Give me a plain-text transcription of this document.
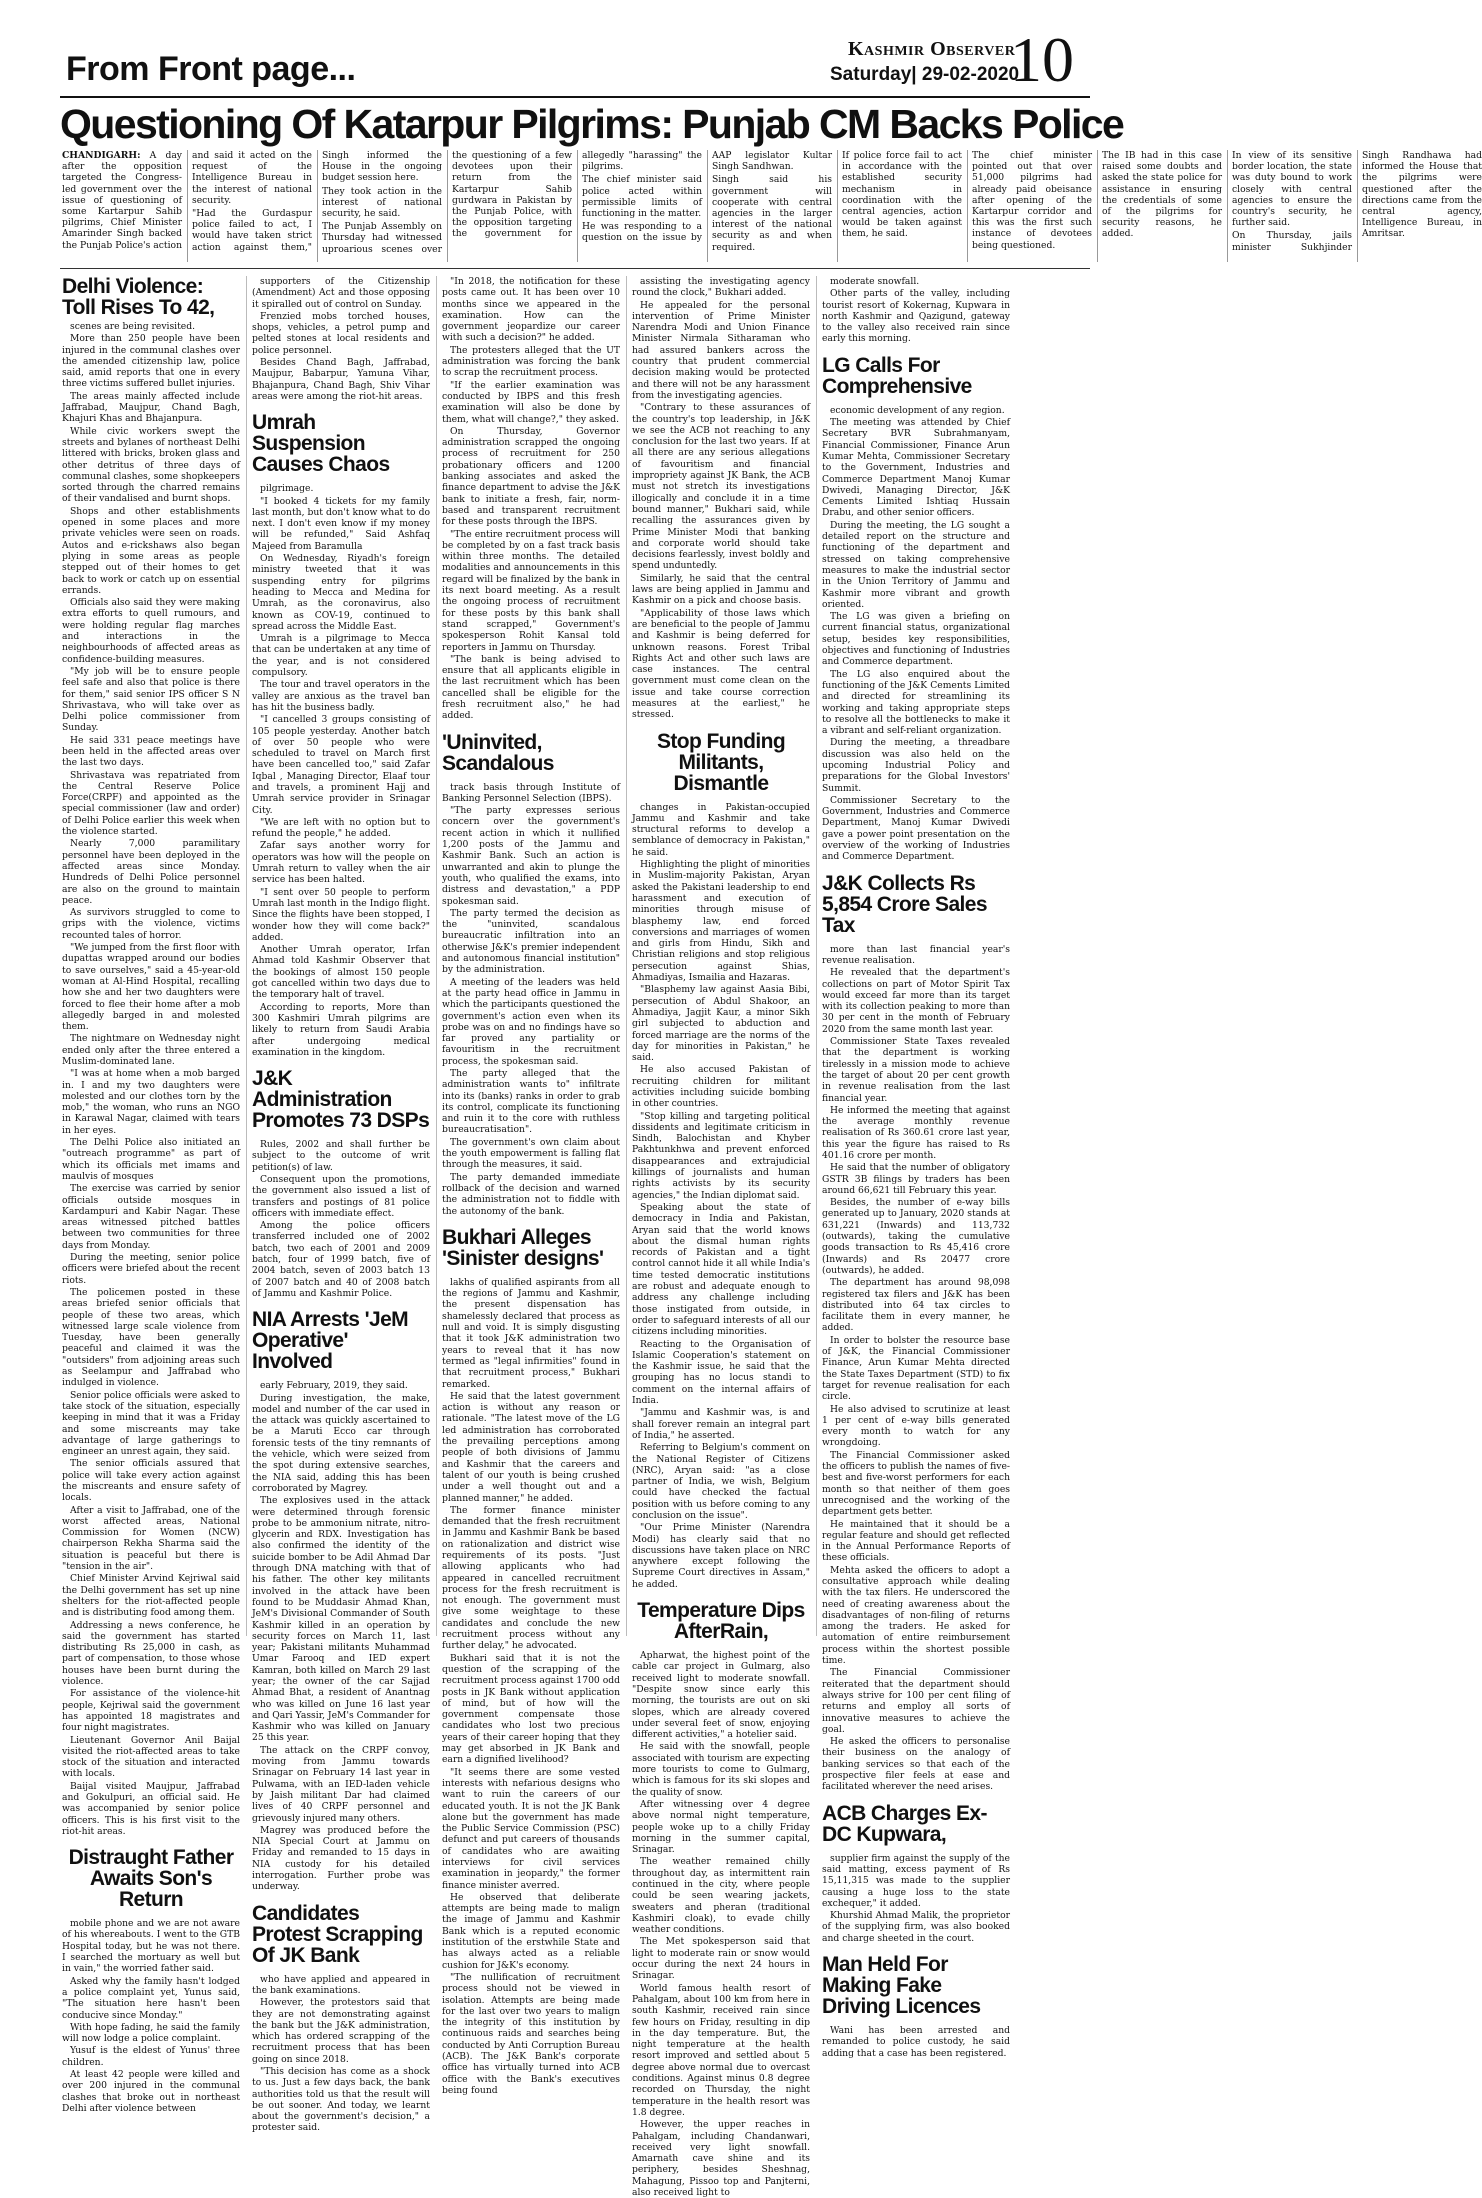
From Front page...
Kashmir Observer
Saturday| 29-02-2020
10
Questioning Of Katarpur Pilgrims: Punjab CM Backs Police

CHANDIGARH: A day after the opposition targeted the Congress-led government over the issue of questioning of some Kartarpur Sahib pilgrims, Chief Minister Amarinder Singh backed the Punjab Police's action and said it acted on the request of the Intelligence Bureau in the interest of national security.

"Had the Gurdaspur police failed to act, I would have taken strict action against them," Singh informed the House in the ongoing budget session here.

They took action in the interest of national security, he said.

The Punjab Assembly on Thursday had witnessed uproarious scenes over the questioning of a few devotees upon their return from the Kartarpur Sahib gurdwara in Pakistan by the Punjab Police, with the opposition targeting the government for allegedly "harassing" the pilgrims.

The chief minister said police acted within permissible limits of functioning in the matter.

He was responding to a question on the issue by AAP legislator Kultar Singh Sandhwan.

Singh said his government will cooperate with central agencies in the larger interest of the national security as and when required.

If police force fail to act in accordance with the established security mechanism in coordination with the central agencies, action would be taken against them, he said.

The chief minister pointed out that over 51,000 pilgrims had already paid obeisance after opening of the Kartarpur corridor and this was the first such instance of devotees being questioned.

The IB had in this case raised some doubts and asked the state police for assistance in ensuring the credentials of some of the pilgrims for security reasons, he added.

In view of its sensitive border location, the state was duty bound to work closely with central agencies to ensure the country's security, he further said.

On Thursday, jails minister Sukhjinder Singh Randhawa had informed the House that the pilgrims were questioned after the directions came from the central agency, Intelligence Bureau, in Amritsar.

Delhi Violence: Toll Rises To 42,

scenes are being revisited.

More than 250 people have been injured in the communal clashes over the amended citizenship law, police said, amid reports that one in every three victims suffered bullet injuries.

The areas mainly affected include Jaffrabad, Maujpur, Chand Bagh, Khajuri Khas and Bhajanpura.

While civic workers swept the streets and bylanes of northeast Delhi littered with bricks, broken glass and other detritus of three days of communal clashes, some shopkeepers sorted through the charred remains of their vandalised and burnt shops.

Shops and other establishments opened in some places and more private vehicles were seen on roads. Autos and e-rickshaws also began plying in some areas as people stepped out of their homes to get back to work or catch up on essential errands.

Officials also said they were making extra efforts to quell rumours, and were holding regular flag marches and interactions in the neighbourhoods of affected areas as confidence-building measures.

"My job will be to ensure people feel safe and also that police is there for them," said senior IPS officer S N Shrivastava, who will take over as Delhi police commissioner from Sunday.

He said 331 peace meetings have been held in the affected areas over the last two days.

Shrivastava was repatriated from the Central Reserve Police Force(CRPF) and appointed as the special commissioner (law and order) of Delhi Police earlier this week when the violence started.

Nearly 7,000 paramilitary personnel have been deployed in the affected areas since Monday. Hundreds of Delhi Police personnel are also on the ground to maintain peace.

As survivors struggled to come to grips with the violence, victims recounted tales of horror.

"We jumped from the first floor with dupattas wrapped around our bodies to save ourselves," said a 45-year-old woman at Al-Hind Hospital, recalling how she and her two daughters were forced to flee their home after a mob allegedly barged in and molested them.

The nightmare on Wednesday night ended only after the three entered a Muslim-dominated lane.

"I was at home when a mob barged in. I and my two daughters were molested and our clothes torn by the mob," the woman, who runs an NGO in Karawal Nagar, claimed with tears in her eyes.

The Delhi Police also initiated an "outreach programme" as part of which its officials met imams and maulvis of mosques

The exercise was carried by senior officials outside mosques in Kardampuri and Kabir Nagar. These areas witnessed pitched battles between two communities for three days from Monday.

During the meeting, senior police officers were briefed about the recent riots.

The policemen posted in these areas briefed senior officials that people of these two areas, which witnessed large scale violence from Tuesday, have been generally peaceful and claimed it was the "outsiders" from adjoining areas such as Seelampur and Jaffrabad who indulged in violence.

Senior police officials were asked to take stock of the situation, especially keeping in mind that it was a Friday and some miscreants may take advantage of large gatherings to engineer an unrest again, they said.

The senior officials assured that police will take every action against the miscreants and ensure safety of locals.

After a visit to Jaffrabad, one of the worst affected areas, National Commission for Women (NCW) chairperson Rekha Sharma said the situation is peaceful but there is "tension in the air".

Chief Minister Arvind Kejriwal said the Delhi government has set up nine shelters for the riot-affected people and is distributing food among them.

Addressing a news conference, he said the government has started distributing Rs 25,000 in cash, as part of compensation, to those whose houses have been burnt during the violence.

For assistance of the violence-hit people, Kejriwal said the government has appointed 18 magistrates and four night magistrates.

Lieutenant Governor Anil Baijal visited the riot-affected areas to take stock of the situation and interacted with locals.

Baijal visited Maujpur, Jaffrabad and Gokulpuri, an official said. He was accompanied by senior police officers. This is his first visit to the riot-hit areas.

Distraught Father Awaits Son's Return

mobile phone and we are not aware of his whereabouts. I went to the GTB Hospital today, but he was not there. I searched the mortuary as well but in vain," the worried father said.

Asked why the family hasn't lodged a police complaint yet, Yunus said, "The situation here hasn't been conducive since Monday."

With hope fading, he said the family will now lodge a police complaint.

Yusuf is the eldest of Yunus' three children.

At least 42 people were killed and over 200 injured in the communal clashes that broke out in northeast Delhi after violence between

supporters of the Citizenship (Amendment) Act and those opposing it spiralled out of control on Sunday.

Frenzied mobs torched houses, shops, vehicles, a petrol pump and pelted stones at local residents and police personnel.

Besides Chand Bagh, Jaffrabad, Maujpur, Babarpur, Yamuna Vihar, Bhajanpura, Chand Bagh, Shiv Vihar areas were among the riot-hit areas.

Umrah Suspension Causes Chaos

pilgrimage.

"I booked 4 tickets for my family last month, but don't know what to do next. I don't even know if my money will be refunded," Said Ashfaq Majeed from Baramulla

On Wednesday, Riyadh's foreign ministry tweeted that it was suspending entry for pilgrims heading to Mecca and Medina for Umrah, as the coronavirus, also known as COV-19, continued to spread across the Middle East.

Umrah is a pilgrimage to Mecca that can be undertaken at any time of the year, and is not considered compulsory.

The tour and travel operators in the valley are anxious as the travel ban has hit the business badly.

"I cancelled 3 groups consisting of 105 people yesterday. Another batch of over 50 people who were scheduled to travel on March first have been cancelled too," said Zafar Iqbal , Managing Director, Elaaf tour and travels, a prominent Hajj and Umrah service provider in Srinagar City.

"We are left with no option but to refund the people," he added.

Zafar says another worry for operators was how will the people on Umrah return to valley when the air service has been halted.

"I sent over 50 people to perform Umrah last month in the Indigo flight. Since the flights have been stopped, I wonder how they will come back?" added.

Another Umrah operator, Irfan Ahmad told Kashmir Observer that the bookings of almost 150 people got cancelled within two days due to the temporary halt of travel.

According to reports, More than 300 Kashmiri Umrah pilgrims are likely to return from Saudi Arabia after undergoing medical examination in the kingdom.

J&K Administration Promotes 73 DSPs

Rules, 2002 and shall further be subject to the outcome of writ petition(s) of law.

Consequent upon the promotions, the government also issued a list of transfers and postings of 81 police officers with immediate effect.

Among the police officers transferred included one of 2002 batch, two each of 2001 and 2009 batch, four of 1999 batch, five of 2004 batch, seven of 2003 batch 13 of 2007 batch and 40 of 2008 batch of Jammu and Kashmir Police.

NIA Arrests 'JeM Operative' Involved

early February, 2019, they said.

During investigation, the make, model and number of the car used in the attack was quickly ascertained to be a Maruti Ecco car through forensic tests of the tiny remnants of the vehicle, which were seized from the spot during extensive searches, the NIA said, adding this has been corroborated by Magrey.

The explosives used in the attack were determined through forensic probe to be ammonium nitrate, nitro-glycerin and RDX. Investigation has also confirmed the identity of the suicide bomber to be Adil Ahmad Dar through DNA matching with that of his father. The other key militants involved in the attack have been found to be Muddasir Ahmad Khan, JeM's Divisional Commander of South Kashmir killed in an operation by security forces on March 11, last year; Pakistani militants Muhammad Umar Farooq and IED expert Kamran, both killed on March 29 last year; the owner of the car Sajjad Ahmad Bhat, a resident of Anantnag who was killed on June 16 last year and Qari Yassir, JeM's Commander for Kashmir who was killed on January 25 this year.

The attack on the CRPF convoy, moving from Jammu towards Srinagar on February 14 last year in Pulwama, with an IED-laden vehicle by Jaish militant Dar had claimed lives of 40 CRPF personnel and grievously injured many others.

Magrey was produced before the NIA Special Court at Jammu on Friday and remanded to 15 days in NIA custody for his detailed interrogation. Further probe was underway.

Candidates Protest Scrapping Of JK Bank

who have applied and appeared in the bank examinations.

However, the protestors said that they are not demonstrating against the bank but the J&K administration, which has ordered scrapping of the recruitment process that has been going on since 2018.

"This decision has come as a shock to us. Just a few days back, the bank authorities told us that the result will be out sooner. And today, we learnt about the government's decision," a protester said.

"In 2018, the notification for these posts came out. It has been over 10 months since we appeared in the examination. How can the government jeopardize our career with such a decision?" he added.

The protesters alleged that the UT administration was forcing the bank to scrap the recruitment process.

"If the earlier examination was conducted by IBPS and this fresh examination will also be done by them, what will change?," they asked.

On Thursday, Governor administration scrapped the ongoing process of recruitment for 250 probationary officers and 1200 banking associates and asked the finance department to advise the J&K bank to initiate a fresh, fair, norm-based and transparent recruitment for these posts through the IBPS.

"The entire recruitment process will be completed by on a fast track basis within three months. The detailed modalities and announcements in this regard will be finalized by the bank in its next board meeting. As a result the ongoing process of recruitment for these posts by this bank shall stand scrapped," Government's spokesperson Rohit Kansal told reporters in Jammu on Thursday.

"The bank is being advised to ensure that all applicants eligible in the last recruitment which has been cancelled shall be eligible for the fresh recruitment also," he had added.

'Uninvited, Scandalous

track basis through Institute of Banking Personnel Selection (IBPS).

"The party expresses serious concern over the government's recent action in which it nullified 1,200 posts of the Jammu and Kashmir Bank. Such an action is unwarranted and akin to plunge the youth, who qualified the exams, into distress and devastation," a PDP spokesman said.

The party termed the decision as the "uninvited, scandalous bureaucratic infiltration into an otherwise J&K's premier independent and autonomous financial institution" by the administration.

A meeting of the leaders was held at the party head office in Jammu in which the participants questioned the government's action even when its probe was on and no findings have so far proved any partiality or favouritism in the recruitment process, the spokesman said.

The party alleged that the administration wants to" infiltrate into its (banks) ranks in order to grab its control, complicate its functioning and ruin it to the core with ruthless bureaucratisation".

The government's own claim about the youth empowerment is falling flat through the measures, it said.

The party demanded immediate rollback of the decision and warned the administration not to fiddle with the autonomy of the bank.

Bukhari Alleges 'Sinister designs'

lakhs of qualified aspirants from all the regions of Jammu and Kashmir, the present dispensation has shamelessly declared that process as null and void. It is simply disgusting that it took J&K administration two years to reveal that it has now termed as "legal infirmities" found in that recruitment process," Bukhari remarked.

He said that the latest government action is without any reason or rationale. "The latest move of the LG led administration has corroborated the prevailing perceptions among people of both divisions of Jammu and Kashmir that the careers and talent of our youth is being crushed under a well thought out and a planned manner," he added.

The former finance minister demanded that the fresh recruitment in Jammu and Kashmir Bank be based on rationalization and district wise requirements of its posts. "Just allowing applicants who had appeared in cancelled recruitment process for the fresh recruitment is not enough. The government must give some weightage to these candidates and conclude the new recruitment process without any further delay," he advocated.

Bukhari said that it is not the question of the scrapping of the recruitment process against 1700 odd posts in JK Bank without application of mind, but of how will the government compensate those candidates who lost two precious years of their career hoping that they may get absorbed in JK Bank and earn a dignified livelihood?

"It seems there are some vested interests with nefarious designs who want to ruin the careers of our educated youth. It is not the JK Bank alone but the government has made the Public Service Commission (PSC) defunct and put careers of thousands of candidates who are awaiting interviews for civil services examination in jeopardy," the former finance minister averred.

He observed that deliberate attempts are being made to malign the image of Jammu and Kashmir Bank which is a reputed economic institution of the erstwhile State and has always acted as a reliable cushion for J&K's economy.

"The nullification of recruitment process should not be viewed in isolation. Attempts are being made for the last over two years to malign the integrity of this institution by continuous raids and searches being conducted by Anti Corruption Bureau (ACB). The J&K Bank's corporate office has virtually turned into ACB office with the Bank's executives being found

assisting the investigating agency round the clock," Bukhari added.

He appealed for the personal intervention of Prime Minister Narendra Modi and Union Finance Minister Nirmala Sitharaman who had assured bankers across the country that prudent commercial decision making would be protected and there will not be any harassment from the investigating agencies.

"Contrary to these assurances of the country's top leadership, in J&K we see the ACB not reaching to any conclusion for the last two years. If at all there are any serious allegations of favouritism and financial impropriety against JK Bank, the ACB must not stretch its investigations illogically and conclude it in a time bound manner," Bukhari said, while recalling the assurances given by Prime Minister Modi that banking and corporate world should take decisions fearlessly, invest boldly and spend unduntedly.

Similarly, he said that the central laws are being applied in Jammu and Kashmir on a pick and choose basis.

"Applicability of those laws which are beneficial to the people of Jammu and Kashmir is being deferred for unknown reasons. Forest Tribal Rights Act and other such laws are case instances. The central government must come clean on the issue and take course correction measures at the earliest," he stressed.

Stop Funding Militants, Dismantle

changes in Pakistan-occupied Jammu and Kashmir and take structural reforms to develop a semblance of democracy in Pakistan," he said.

Highlighting the plight of minorities in Muslim-majority Pakistan, Aryan asked the Pakistani leadership to end harassment and execution of minorities through misuse of blasphemy law, end forced conversions and marriages of women and girls from Hindu, Sikh and Christian religions and stop religious persecution against Shias, Ahmadiyas, Ismailia and Hazaras.

"Blasphemy law against Aasia Bibi, persecution of Abdul Shakoor, an Ahmadiya, Jagjit Kaur, a minor Sikh girl subjected to abduction and forced marriage are the norms of the day for minorities in Pakistan," he said.

He also accused Pakistan of recruiting children for militant activities including suicide bombing in other countries.

"Stop killing and targeting political dissidents and legitimate criticism in Sindh, Balochistan and Khyber Pakhtunkhwa and prevent enforced disappearances and extrajudicial killings of journalists and human rights activists by its security agencies," the Indian diplomat said.

Speaking about the state of democracy in India and Pakistan, Aryan said that the world knows about the dismal human rights records of Pakistan and a tight control cannot hide it all while India's time tested democratic institutions are robust and adequate enough to address any challenge including those instigated from outside, in order to safeguard interests of all our citizens including minorities.

Reacting to the Organisation of Islamic Cooperation's statement on the Kashmir issue, he said that the grouping has no locus standi to comment on the internal affairs of India.

"Jammu and Kashmir was, is and shall forever remain an integral part of India," he asserted.

Referring to Belgium's comment on the National Register of Citizens (NRC), Aryan said: "as a close partner of India, we wish, Belgium could have checked the factual position with us before coming to any conclusion on the issue".

"Our Prime Minister (Narendra Modi) has clearly said that no discussions have taken place on NRC anywhere except following the Supreme Court directives in Assam," he added.

Temperature Dips AfterRain,

Apharwat, the highest point of the cable car project in Gulmarg, also received light to moderate snowfall. "Despite snow since early this morning, the tourists are out on ski slopes, which are already covered under several feet of snow, enjoying different activities," a hotelier said.

He said with the snowfall, people associated with tourism are expecting more tourists to come to Gulmarg, which is famous for its ski slopes and the quality of snow.

After witnessing over 4 degree above normal night temperature, people woke up to a chilly Friday morning in the summer capital, Srinagar.

The weather remained chilly throughout day, as intermittent rain continued in the city, where people could be seen wearing jackets, sweaters and pheran (traditional Kashmiri cloak), to evade chilly weather conditions.

The Met spokesperson said that light to moderate rain or snow would occur during the next 24 hours in Srinagar.

World famous health resort of Pahalgam, about 100 km from here in south Kashmir, received rain since few hours on Friday, resulting in dip in the day temperature. But, the night temperature at the health resort improved and settled about 5 degree above normal due to overcast conditions. Against minus 0.8 degree recorded on Thursday, the night temperature in the health resort was 1.8 degree.

However, the upper reaches in Pahalgam, including Chandanwari, received very light snowfall. Amarnath cave shine and its periphery, besides Sheshnag, Mahagung, Pissoo top and Panjterni, also received light to

moderate snowfall.

Other parts of the valley, including tourist resort of Kokernag, Kupwara in north Kashmir and Qazigund, gateway to the valley also received rain since early this morning.

LG Calls For Comprehensive

economic development of any region.

The meeting was attended by Chief Secretary BVR Subrahmanyam, Financial Commissioner, Finance Arun Kumar Mehta, Commissioner Secretary to the Government, Industries and Commerce Department Manoj Kumar Dwivedi, Managing Director, J&K Cements Limited Ishtiaq Hussain Drabu, and other senior officers.

During the meeting, the LG sought a detailed report on the structure and functioning of the department and stressed on taking comprehensive measures to make the industrial sector in the Union Territory of Jammu and Kashmir more vibrant and growth oriented.

The LG was given a briefing on current financial status, organizational setup, besides key responsibilities, objectives and functioning of Industries and Commerce department.

The LG also enquired about the functioning of the J&K Cements Limited and directed for streamlining its working and taking appropriate steps to resolve all the bottlenecks to make it a vibrant and self-reliant organization.

During the meeting, a threadbare discussion was also held on the upcoming Industrial Policy and preparations for the Global Investors' Summit.

Commissioner Secretary to the Government, Industries and Commerce Department, Manoj Kumar Dwivedi gave a power point presentation on the overview of the working of Industries and Commerce Department.

J&K Collects Rs 5,854 Crore Sales Tax

more than last financial year's revenue realisation.

He revealed that the department's collections on part of Motor Spirit Tax would exceed far more than its target with its collection peaking to more than 30 per cent in the month of February 2020 from the same month last year.

Commissioner State Taxes revealed that the department is working tirelessly in a mission mode to achieve the target of about 20 per cent growth in revenue realisation from the last financial year.

He informed the meeting that against the average monthly revenue realisation of Rs 360.61 crore last year, this year the figure has raised to Rs 401.16 crore per month.

He said that the number of obligatory GSTR 3B filings by traders has been around 66,621 till February this year.

Besides, the number of e-way bills generated up to January, 2020 stands at 631,221 (Inwards) and 113,732 (outwards), taking the cumulative goods transaction to Rs 45,416 crore (Inwards) and Rs 20477 crore (outwards), he added.

The department has around 98,098 registered tax filers and J&K has been distributed into 64 tax circles to facilitate them in every manner, he added.

In order to bolster the resource base of J&K, the Financial Commissioner Finance, Arun Kumar Mehta directed the State Taxes Department (STD) to fix target for revenue realisation for each circle.

He also advised to scrutinize at least 1 per cent of e-way bills generated every month to watch for any wrongdoing.

The Financial Commissioner asked the officers to publish the names of five-best and five-worst performers for each month so that neither of them goes unrecognised and the working of the department gets better.

He maintained that it should be a regular feature and should get reflected in the Annual Performance Reports of these officials.

Mehta asked the officers to adopt a consultative approach while dealing with the tax filers. He underscored the need of creating awareness about the disadvantages of non-filing of returns among the traders. He asked for automation of entire reimbursement process within the shortest possible time.

The Financial Commissioner reiterated that the department should always strive for 100 per cent filing of returns and employ all sorts of innovative measures to achieve the goal.

He asked the officers to personalise their business on the analogy of banking services so that each of the prospective filer feels at ease and facilitated wherever the need arises.

ACB Charges Ex-DC Kupwara,

supplier firm against the supply of the said matting, excess payment of Rs 15,11,315 was made to the supplier causing a huge loss to the state exchequer," it added.

Khurshid Ahmad Malik, the proprietor of the supplying firm, was also booked and charge sheeted in the court.

Man Held For Making Fake Driving Licences

Wani has been arrested and remanded to police custody, he said adding that a case has been registered.
